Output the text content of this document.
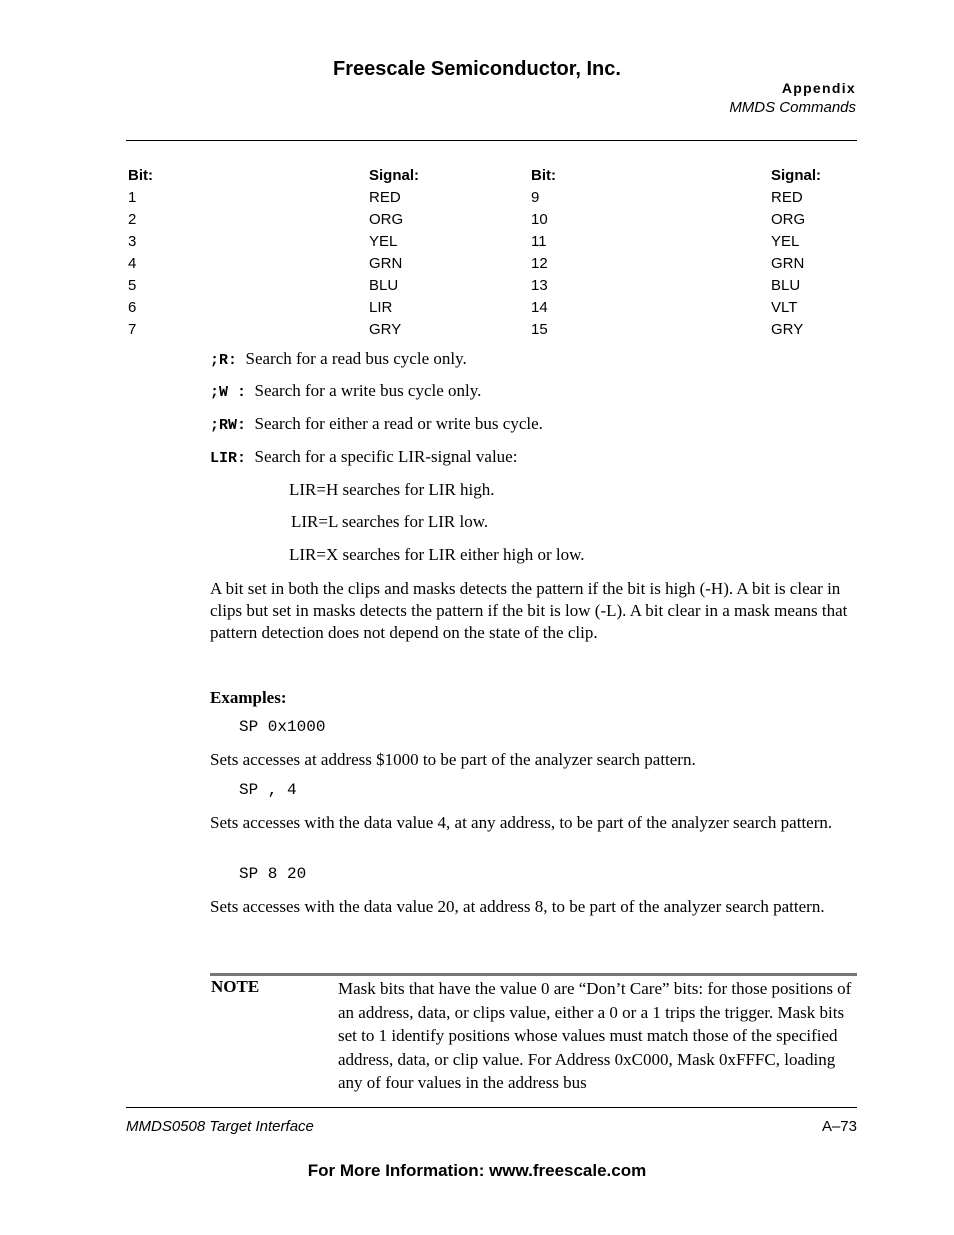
Freescale Semiconductor, Inc.
Appendix
MMDS Commands
Bit:	Signal:	Bit:	Signal:
1	RED	9	RED
2	ORG	10	ORG
3	YEL	11	YEL
4	GRN	12	GRN
5	BLU	13	BLU
6	LIR	14	VLT
7	GRY	15	GRY
;R: Search for a read bus cycle only.
;W : Search for a write bus cycle only.
;RW: Search for either a read or write bus cycle.
LIR: Search for a specific LIR-signal value:
LIR=H searches for LIR high.
LIR=L searches for LIR low.
LIR=X searches for LIR either high or low.
A bit set in both the clips and masks detects the pattern if the bit is high (-H). A bit is clear in clips but set in masks detects the pattern if the bit is low (-L). A bit clear in a mask means that pattern detection does not depend on the state of the clip.
Examples:
SP 0x1000
Sets accesses at address $1000 to be part of the analyzer search pattern.
SP , 4
Sets accesses with the data value 4, at any address, to be part of the analyzer search pattern.
SP 8 20
Sets accesses with the data value 20, at address 8, to be part of the analyzer search pattern.
NOTE	Mask bits that have the value 0 are “Don’t Care” bits: for those positions of an address, data, or clips value, either a 0 or a 1 trips the trigger. Mask bits set to 1 identify positions whose values must match those of the specified address, data, or clip value. For Address 0xC000, Mask 0xFFFC, loading any of four values in the address bus
MMDS0508 Target Interface	A–73
For More Information: www.freescale.com
